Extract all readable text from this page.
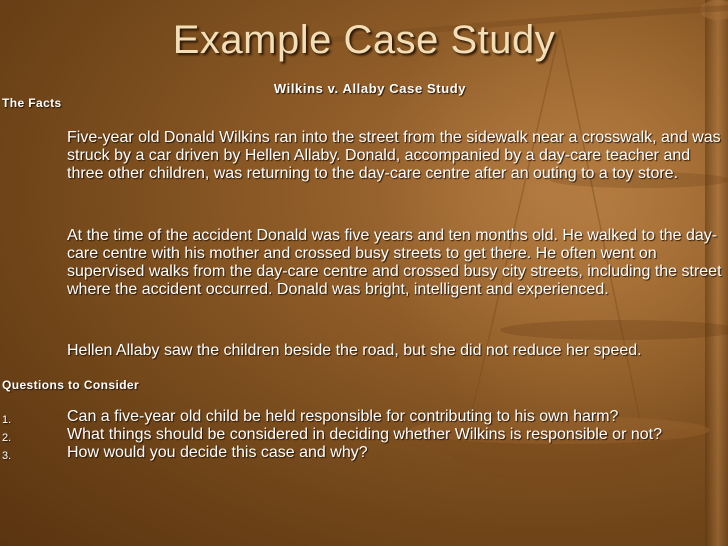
Example Case Study
Wilkins v. Allaby Case Study
The Facts
Five-year old Donald Wilkins ran into the street from the sidewalk near a crosswalk, and was struck by a car driven by Hellen Allaby. Donald, accompanied by a day-care teacher and three other children, was returning to the day-care centre after an outing to a toy store.
At the time of the accident Donald was five years and ten months old. He walked to the day-care centre with his mother and crossed busy streets to get there. He often went on supervised walks from the day-care centre and crossed busy city streets, including the street where the accident occurred. Donald was bright, intelligent and experienced.
Hellen Allaby saw the children beside the road, but she did not reduce her speed.
Questions to Consider
1.	Can a five-year old child be held responsible for contributing to his own harm?
2.	What things should be considered in deciding whether Wilkins is responsible or not?
3.	How would you decide this case and why?
